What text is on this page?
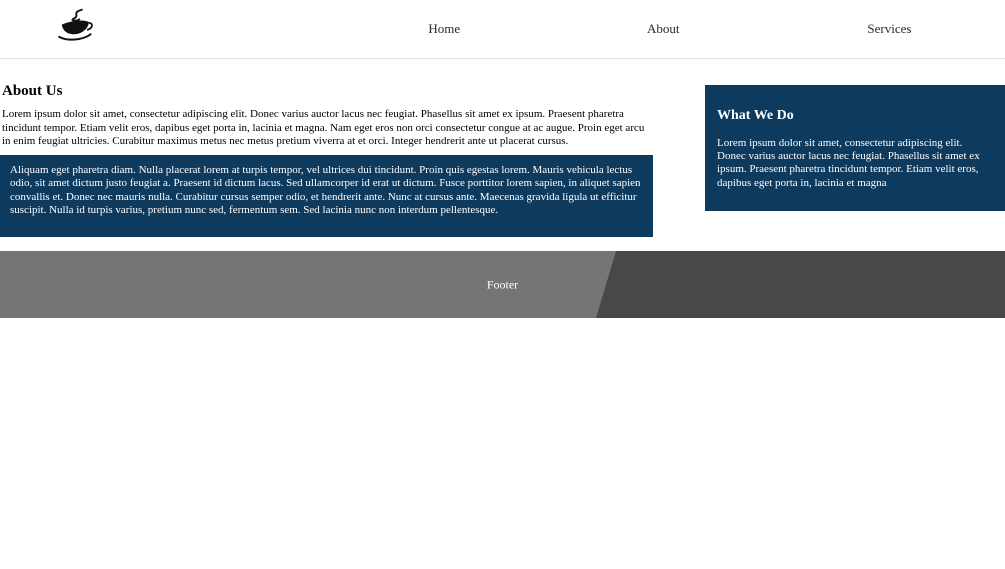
Home	About	Services
About Us

Lorem ipsum dolor sit amet, consectetur adipiscing elit. Donec varius auctor lacus nec feugiat. Phasellus sit amet ex ipsum. Praesent pharetra tincidunt tempor. Etiam velit eros, dapibus eget porta in, lacinia et magna. Nam eget eros non orci consectetur congue at ac augue. Proin eget arcu in enim feugiat ultricies. Curabitur maximus metus nec metus pretium viverra at et orci. Integer hendrerit ante ut placerat cursus.

Aliquam eget pharetra diam. Nulla placerat lorem at turpis tempor, vel ultrices dui tincidunt. Proin quis egestas lorem. Mauris vehicula lectus odio, sit amet dictum justo feugiat a. Praesent id dictum lacus. Sed ullamcorper id erat ut dictum. Fusce porttitor lorem sapien, in aliquet sapien convallis et. Donec nec mauris nulla. Curabitur cursus semper odio, et hendrerit ante. Nunc at cursus ante. Maecenas gravida ligula ut efficitur suscipit. Nulla id turpis varius, pretium nunc sed, fermentum sem. Sed lacinia nunc non interdum pellentesque.

What We Do

Lorem ipsum dolor sit amet, consectetur adipiscing elit. Donec varius auctor lacus nec feugiat. Phasellus sit amet ex ipsum. Praesent pharetra tincidunt tempor. Etiam velit eros, dapibus eget porta in, lacinia et magna

Footer
